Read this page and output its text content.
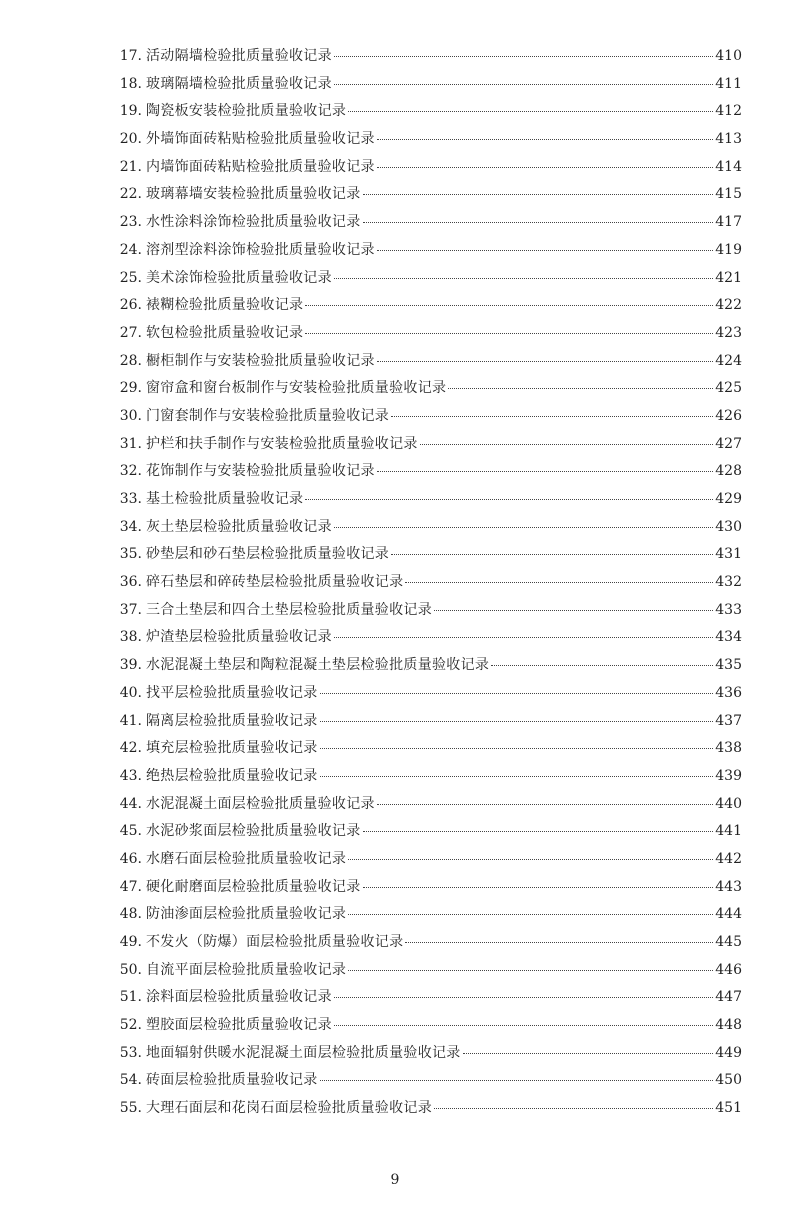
17. 活动隔墙检验批质量验收记录	410
18. 玻璃隔墙检验批质量验收记录	411
19. 陶瓷板安装检验批质量验收记录	412
20. 外墙饰面砖粘贴检验批质量验收记录	413
21. 内墙饰面砖粘贴检验批质量验收记录	414
22. 玻璃幕墙安装检验批质量验收记录	415
23. 水性涂料涂饰检验批质量验收记录	417
24. 溶剂型涂料涂饰检验批质量验收记录	419
25. 美术涂饰检验批质量验收记录	421
26. 裱糊检验批质量验收记录	422
27. 软包检验批质量验收记录	423
28. 橱柜制作与安装检验批质量验收记录	424
29. 窗帘盒和窗台板制作与安装检验批质量验收记录	425
30. 门窗套制作与安装检验批质量验收记录	426
31. 护栏和扶手制作与安装检验批质量验收记录	427
32. 花饰制作与安装检验批质量验收记录	428
33. 基土检验批质量验收记录	429
34. 灰土垫层检验批质量验收记录	430
35. 砂垫层和砂石垫层检验批质量验收记录	431
36. 碎石垫层和碎砖垫层检验批质量验收记录	432
37. 三合土垫层和四合土垫层检验批质量验收记录	433
38. 炉渣垫层检验批质量验收记录	434
39. 水泥混凝土垫层和陶粒混凝土垫层检验批质量验收记录	435
40. 找平层检验批质量验收记录	436
41. 隔离层检验批质量验收记录	437
42. 填充层检验批质量验收记录	438
43. 绝热层检验批质量验收记录	439
44. 水泥混凝土面层检验批质量验收记录	440
45. 水泥砂浆面层检验批质量验收记录	441
46. 水磨石面层检验批质量验收记录	442
47. 硬化耐磨面层检验批质量验收记录	443
48. 防油渗面层检验批质量验收记录	444
49. 不发火（防爆）面层检验批质量验收记录	445
50. 自流平面层检验批质量验收记录	446
51. 涂料面层检验批质量验收记录	447
52. 塑胶面层检验批质量验收记录	448
53. 地面辐射供暖水泥混凝土面层检验批质量验收记录	449
54. 砖面层检验批质量验收记录	450
55. 大理石面层和花岗石面层检验批质量验收记录	451
9
